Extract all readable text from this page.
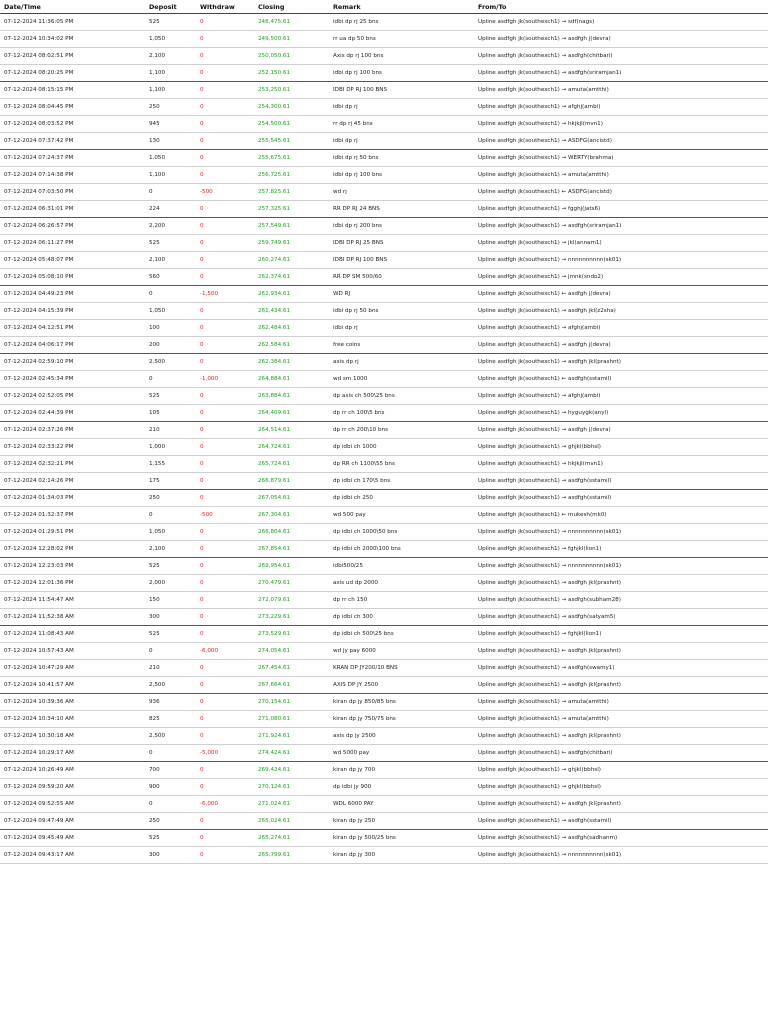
Date/Time	Deposit	Withdraw	Closing	Remark	From/To
07-12-2024 11:36:05 PM	525	0	248,475.61	idbi dp rj 25 bns	Upline asdfgh jk(southexch1) → sdf(nags)
07-12-2024 10:34:02 PM	1,050	0	249,500.61	rr ua dp 50 bns	Upline asdfgh jk(southexch1) → asdfgh j(devra)
07-12-2024 08:02:51 PM	2,100	0	250,050.61	Axis dp rj 100 bns	Upline asdfgh jk(southexch1) → asdfgh(chitbari)
07-12-2024 08:20:25 PM	1,100	0	252,150.61	idbi dp rj 100 bns	Upline asdfgh jk(southexch1) → asdfgh(sriramjan1)
07-12-2024 08:15:15 PM	1,100	0	253,250.61	IDBI DP RJ 100 BNS	Upline asdfgh jk(southexch1) → amuta(amtthi)
07-12-2024 08:04:45 PM	250	0	254,300.61	idbi dp rj	Upline asdfgh jk(southexch1) → afghj(ambi)
07-12-2024 08:03:52 PM	945	0	254,500.61	rr dp rj 45 bns	Upline asdfgh jk(southexch1) → hkjkjl(mvn1)
07-12-2024 07:37:42 PM	130	0	255,545.61	idbi dp rj	Upline asdfgh jk(southexch1) → ASDFG(ancistd)
07-12-2024 07:24:37 PM	1,050	0	255,675.61	idbi dp rj 50 bns	Upline asdfgh jk(southexch1) → WERTY(brahma)
07-12-2024 07:14:38 PM	1,100	0	256,725.61	idbi dp rj 100 bns	Upline asdfgh jk(southexch1) → amuta(amtthi)
07-12-2024 07:03:50 PM	0	-500	257,825.61	wd rj	Upline asdfgh jk(southexch1) ← ASDFG(ancistd)
07-12-2024 06:31:01 PM	224	0	257,325.61	RR DP RJ 24 BNS	Upline asdfgh jk(southexch1) → fgghj(jats6)
07-12-2024 06:26:57 PM	2,200	0	257,549.61	idbi dp rj 200 bns	Upline asdfgh jk(southexch1) → asdfgh(sriramjan1)
07-12-2024 06:11:27 PM	525	0	259,749.61	IDBI DP RJ 25 BNS	Upline asdfgh jk(southexch1) → jkl(annam1)
07-12-2024 05:48:07 PM	2,100	0	260,274.61	IDBI DP RJ 100 BNS	Upline asdfgh jk(southexch1) → nnnnnnnnnn(sk01)
07-12-2024 05:08:10 PM	560	0	262,374.61	RR DP SM 500/60	Upline asdfgh jk(southexch1) → jmnk(sndo2)
07-12-2024 04:49:23 PM	0	-1,500	262,934.61	WD RJ	Upline asdfgh jk(southexch1) ← asdfgh j(devra)
07-12-2024 04:15:39 PM	1,050	0	261,434.61	idbi dp rj 50 bns	Upline asdfgh jk(southexch1) → asdfgh jkl(z2sha)
07-12-2024 04:12:51 PM	100	0	262,484.61	idbi dp rj	Upline asdfgh jk(southexch1) → afghj(ambi)
07-12-2024 04:06:17 PM	200	0	262,584.61	free coins	Upline asdfgh jk(southexch1) → asdfgh j(devra)
07-12-2024 02:59:10 PM	2,500	0	262,384.61	axis dp rj	Upline asdfgh jk(southexch1) → asdfgh jkl(prashnt)
07-12-2024 02:45:34 PM	0	-1,000	264,884.61	wd sm 1000	Upline asdfgh jk(southexch1) ← asdfgh(sstamil)
07-12-2024 02:52:05 PM	525	0	263,884.61	dp axis ch 500\25 bns	Upline asdfgh jk(southexch1) → afghj(ambi)
07-12-2024 02:44:39 PM	105	0	264,409.61	dp rr ch 100\5 bns	Upline asdfgh jk(southexch1) → hyguygk(anyl)
07-12-2024 02:37:26 PM	210	0	264,514.61	dp rr ch 200\10 bns	Upline asdfgh jk(southexch1) → asdfgh j(devra)
07-12-2024 02:33:22 PM	1,000	0	264,724.61	dp idbi ch 1000	Upline asdfgh jk(southexch1) → ghjkl(bbhsl)
07-12-2024 02:32:21 PM	1,155	0	265,724.61	dp RR ch 1100\55 bns	Upline asdfgh jk(southexch1) → hkjkjl(mvn1)
07-12-2024 02:14:26 PM	175	0	266,879.61	dp idbi ch 170\5 bns	Upline asdfgh jk(southexch1) → asdfgh(sstamil)
07-12-2024 01:34:03 PM	250	0	267,054.61	dp idbi ch 250	Upline asdfgh jk(southexch1) → asdfgh(sstamil)
07-12-2024 01:32:37 PM	0	-500	267,304.61	wd 500 pay	Upline asdfgh jk(southexch1) ← mukesh(mk0)
07-12-2024 01:29:51 PM	1,050	0	266,804.61	dp idbi ch 1000\50 bns	Upline asdfgh jk(southexch1) → nnnnnnnnnn(sk01)
07-12-2024 12:28:02 PM	2,100	0	267,854.61	dp idbi ch 2000\100 bns	Upline asdfgh jk(southexch1) → fghjkl(lion1)
07-12-2024 12:23:03 PM	525	0	269,954.61	idbi500/25	Upline asdfgh jk(southexch1) → nnnnnnnnnn(sk01)
07-12-2024 12:01:36 PM	2,000	0	270,479.61	axis ud dp 2000	Upline asdfgh jk(southexch1) → asdfgh jkl(prashnt)
07-12-2024 11:54:47 AM	150	0	272,079.61	dp rr ch 150	Upline asdfgh jk(southexch1) → asdfgh(subham28)
07-12-2024 11:52:38 AM	300	0	273,229.61	dp idbi ch 300	Upline asdfgh jk(southexch1) → asdfgh(satyam5)
07-12-2024 11:08:43 AM	525	0	273,529.61	dp idbi ch 500\25 bns	Upline asdfgh jk(southexch1) → fghjkl(lion1)
07-12-2024 10:57:43 AM	0	-6,000	274,054.61	wd jy pay 6000	Upline asdfgh jk(southexch1) ← asdfgh jkl(prashnt)
07-12-2024 10:47:29 AM	210	0	267,454.61	KRAN DP JY200/10 BNS	Upline asdfgh jk(southexch1) → asdfgh(swamy1)
07-12-2024 10:41:57 AM	2,500	0	267,664.61	AXIS DP JY 2500	Upline asdfgh jk(southexch1) → asdfgh jkl(prashnt)
07-12-2024 10:39:36 AM	936	0	270,154.61	kiran dp jy 850/85 bns	Upline asdfgh jk(southexch1) → amuta(amtthi)
07-12-2024 10:34:10 AM	825	0	271,080.61	kiran dp jy 750/75 bns	Upline asdfgh jk(southexch1) → amuta(amtthi)
07-12-2024 10:30:18 AM	2,500	0	271,924.61	axis dp jy 2500	Upline asdfgh jk(southexch1) → asdfgh jkl(prashnt)
07-12-2024 10:29:17 AM	0	-5,000	274,424.61	wd 5000 pay	Upline asdfgh jk(southexch1) ← asdfgh(chitbari)
07-12-2024 10:26:49 AM	700	0	269,424.61	kiran dp jy 700	Upline asdfgh jk(southexch1) → ghjkl(bbhsl)
07-12-2024 09:59:20 AM	900	0	270,124.61	dp idbi jy 900	Upline asdfgh jk(southexch1) → ghjkl(bbhsl)
07-12-2024 09:52:55 AM	0	-6,000	271,024.61	WDL 6000 PAY	Upline asdfgh jk(southexch1) ← asdfgh jkl(prashnt)
07-12-2024 09:47:49 AM	250	0	265,024.61	kiran dp jy 250	Upline asdfgh jk(southexch1) → asdfgh(sstamil)
07-12-2024 09:45:49 AM	525	0	265,274.61	kiran dp jy 500/25 bns	Upline asdfgh jk(southexch1) → asdfgh(sadhanm)
07-12-2024 09:43:17 AM	300	0	265,799.61	kiran dp jy 300	Upline asdfgh jk(southexch1) → nnnnnnnnnn(sk01)
